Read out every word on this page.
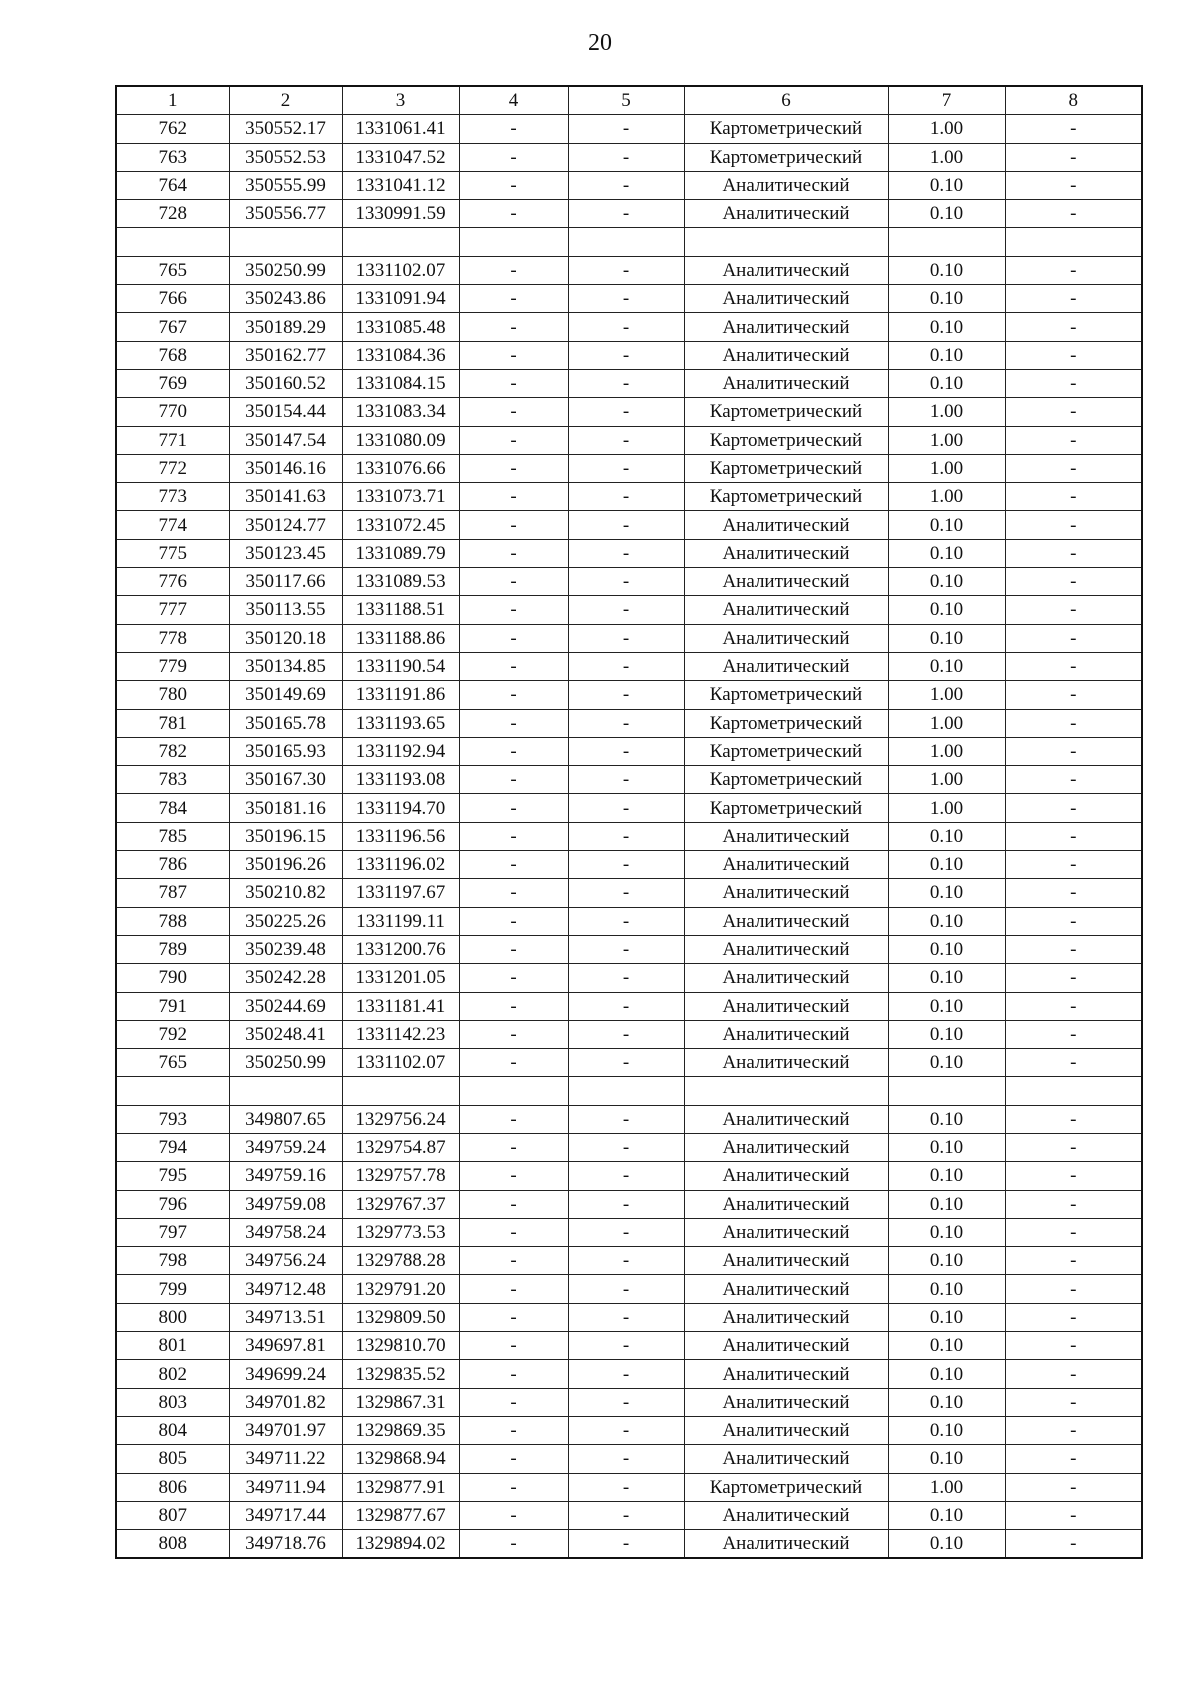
20
1	2	3	4	5	6	7	8
762	350552.17	1331061.41	-	-	Картометрический	1.00	-
763	350552.53	1331047.52	-	-	Картометрический	1.00	-
764	350555.99	1331041.12	-	-	Аналитический	0.10	-
728	350556.77	1330991.59	-	-	Аналитический	0.10	-

765	350250.99	1331102.07	-	-	Аналитический	0.10	-
766	350243.86	1331091.94	-	-	Аналитический	0.10	-
767	350189.29	1331085.48	-	-	Аналитический	0.10	-
768	350162.77	1331084.36	-	-	Аналитический	0.10	-
769	350160.52	1331084.15	-	-	Аналитический	0.10	-
770	350154.44	1331083.34	-	-	Картометрический	1.00	-
771	350147.54	1331080.09	-	-	Картометрический	1.00	-
772	350146.16	1331076.66	-	-	Картометрический	1.00	-
773	350141.63	1331073.71	-	-	Картометрический	1.00	-
774	350124.77	1331072.45	-	-	Аналитический	0.10	-
775	350123.45	1331089.79	-	-	Аналитический	0.10	-
776	350117.66	1331089.53	-	-	Аналитический	0.10	-
777	350113.55	1331188.51	-	-	Аналитический	0.10	-
778	350120.18	1331188.86	-	-	Аналитический	0.10	-
779	350134.85	1331190.54	-	-	Аналитический	0.10	-
780	350149.69	1331191.86	-	-	Картометрический	1.00	-
781	350165.78	1331193.65	-	-	Картометрический	1.00	-
782	350165.93	1331192.94	-	-	Картометрический	1.00	-
783	350167.30	1331193.08	-	-	Картометрический	1.00	-
784	350181.16	1331194.70	-	-	Картометрический	1.00	-
785	350196.15	1331196.56	-	-	Аналитический	0.10	-
786	350196.26	1331196.02	-	-	Аналитический	0.10	-
787	350210.82	1331197.67	-	-	Аналитический	0.10	-
788	350225.26	1331199.11	-	-	Аналитический	0.10	-
789	350239.48	1331200.76	-	-	Аналитический	0.10	-
790	350242.28	1331201.05	-	-	Аналитический	0.10	-
791	350244.69	1331181.41	-	-	Аналитический	0.10	-
792	350248.41	1331142.23	-	-	Аналитический	0.10	-
765	350250.99	1331102.07	-	-	Аналитический	0.10	-

793	349807.65	1329756.24	-	-	Аналитический	0.10	-
794	349759.24	1329754.87	-	-	Аналитический	0.10	-
795	349759.16	1329757.78	-	-	Аналитический	0.10	-
796	349759.08	1329767.37	-	-	Аналитический	0.10	-
797	349758.24	1329773.53	-	-	Аналитический	0.10	-
798	349756.24	1329788.28	-	-	Аналитический	0.10	-
799	349712.48	1329791.20	-	-	Аналитический	0.10	-
800	349713.51	1329809.50	-	-	Аналитический	0.10	-
801	349697.81	1329810.70	-	-	Аналитический	0.10	-
802	349699.24	1329835.52	-	-	Аналитический	0.10	-
803	349701.82	1329867.31	-	-	Аналитический	0.10	-
804	349701.97	1329869.35	-	-	Аналитический	0.10	-
805	349711.22	1329868.94	-	-	Аналитический	0.10	-
806	349711.94	1329877.91	-	-	Картометрический	1.00	-
807	349717.44	1329877.67	-	-	Аналитический	0.10	-
808	349718.76	1329894.02	-	-	Аналитический	0.10	-
